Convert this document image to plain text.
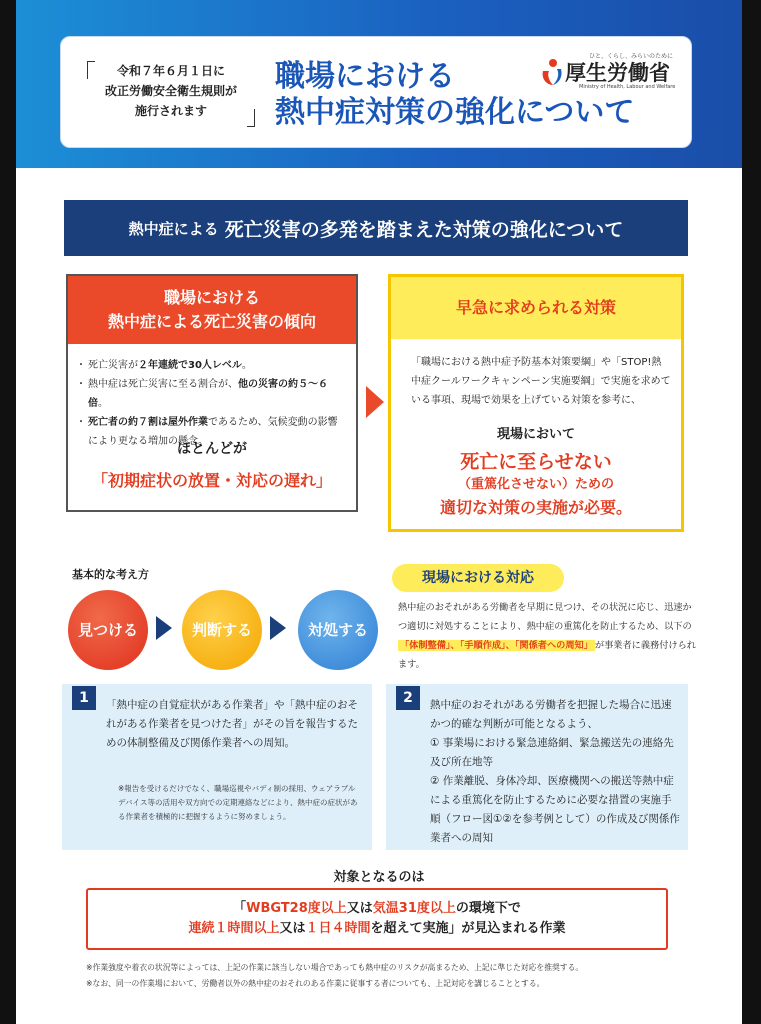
令和７年６月１日に
改正労働安全衛生規則が
施行されます
職場における
熱中症対策の強化について
ひと、くらし、みらいのために
厚生労働省
Ministry of Health, Labour and Welfare
熱中症による 死亡災害の多発を踏まえた対策の強化について
職場における
熱中症による死亡災害の傾向
・ 死亡災害が２年連続で30人レベル。
・ 熱中症は死亡災害に至る割合が、他の災害の約５～６倍。
・ 死亡者の約７割は屋外作業であるため、気候変動の影響により更なる増加の懸念。
ほとんどが
「初期症状の放置・対応の遅れ」
早急に求められる対策
「職場における熱中症予防基本対策要綱」や「STOP!熱中症クールワークキャンペーン実施要綱」で実施を求めている事項、現場で効果を上げている対策を参考に、
現場において
死亡に至らせない
（重篤化させない）ための
適切な対策の実施が必要。
基本的な考え方
見つける	判断する	対処する
現場における対応
熱中症のおそれがある労働者を早期に見つけ、その状況に応じ、迅速かつ適切に対処することにより、熱中症の重篤化を防止するため、以下の「体制整備」、「手順作成」、「関係者への周知」 が事業者に義務付けられます。
1	「熱中症の自覚症状がある作業者」や「熱中症のおそれがある作業者を見つけた者」がその旨を報告するための体制整備及び関係作業者への周知。
※報告を受けるだけでなく、職場巡視やバディ制の採用、ウェアラブルデバイス等の活用や双方向での定期連絡などにより、熱中症の症状がある作業者を積極的に把握するように努めましょう。
2	熱中症のおそれがある労働者を把握した場合に迅速かつ的確な判断が可能となるよう、
① 事業場における緊急連絡網、緊急搬送先の連絡先及び所在地等
② 作業離脱、身体冷却、医療機関への搬送等熱中症による重篤化を防止するために必要な措置の実施手順（フロー図①②を参考例として）の作成及び関係作業者への周知
対象となるのは
「WBGT28度以上又は気温31度以上の環境下で
連続１時間以上又は１日４時間を超えて実施」が見込まれる作業
※作業強度や着衣の状況等によっては、上記の作業に該当しない場合であっても熱中症のリスクが高まるため、上記に準じた対応を推奨する。
※なお、同一の作業場において、労働者以外の熱中症のおそれのある作業に従事する者についても、上記対応を講じることとする。
